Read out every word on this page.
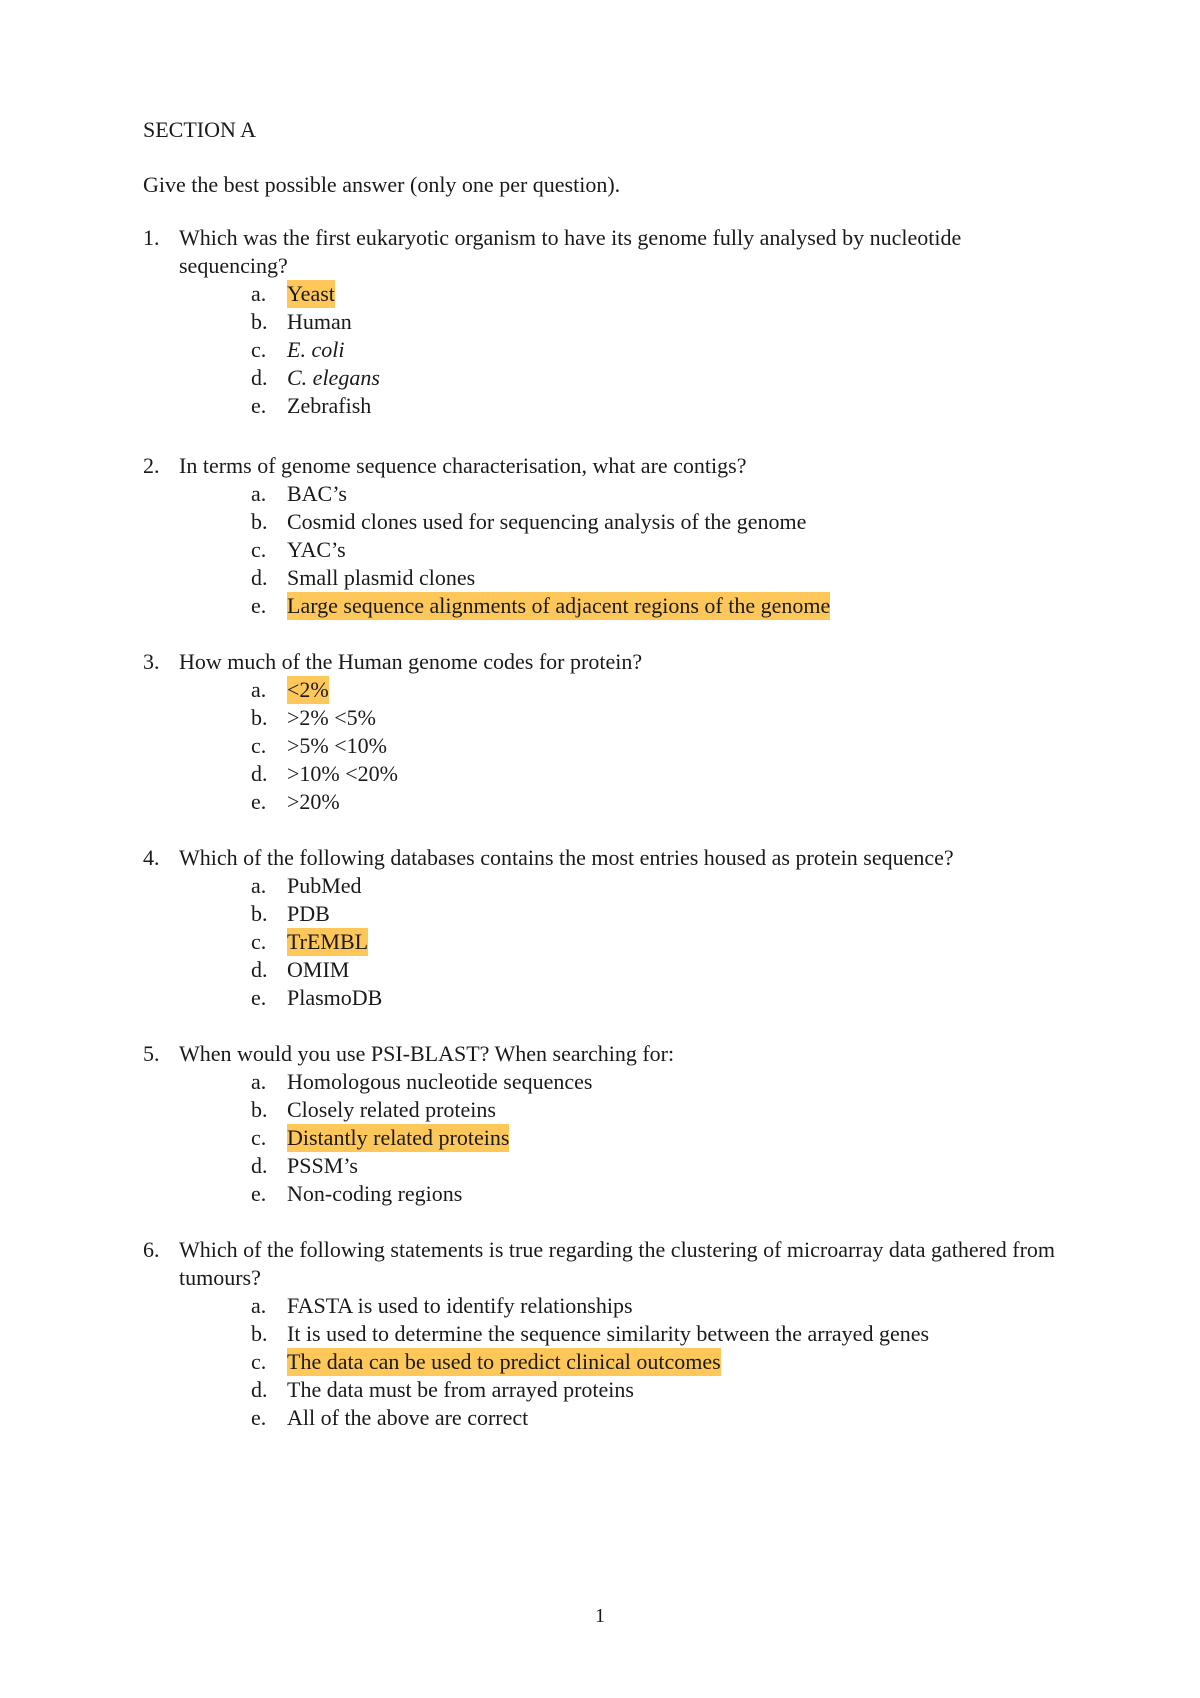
SECTION A
Give the best possible answer (only one per question).
1. Which was the first eukaryotic organism to have its genome fully analysed by nucleotide sequencing?
a. Yeast
b. Human
c. E. coli
d. C. elegans
e. Zebrafish
2. In terms of genome sequence characterisation, what are contigs?
a. BAC’s
b. Cosmid clones used for sequencing analysis of the genome
c. YAC’s
d. Small plasmid clones
e. Large sequence alignments of adjacent regions of the genome
3. How much of the Human genome codes for protein?
a. <2%
b. >2% <5%
c. >5% <10%
d. >10% <20%
e. >20%
4. Which of the following databases contains the most entries housed as protein sequence?
a. PubMed
b. PDB
c. TrEMBL
d. OMIM
e. PlasmoDB
5. When would you use PSI-BLAST? When searching for:
a. Homologous nucleotide sequences
b. Closely related proteins
c. Distantly related proteins
d. PSSM’s
e. Non-coding regions
6. Which of the following statements is true regarding the clustering of microarray data gathered from tumours?
a. FASTA is used to identify relationships
b. It is used to determine the sequence similarity between the arrayed genes
c. The data can be used to predict clinical outcomes
d. The data must be from arrayed proteins
e. All of the above are correct
1
